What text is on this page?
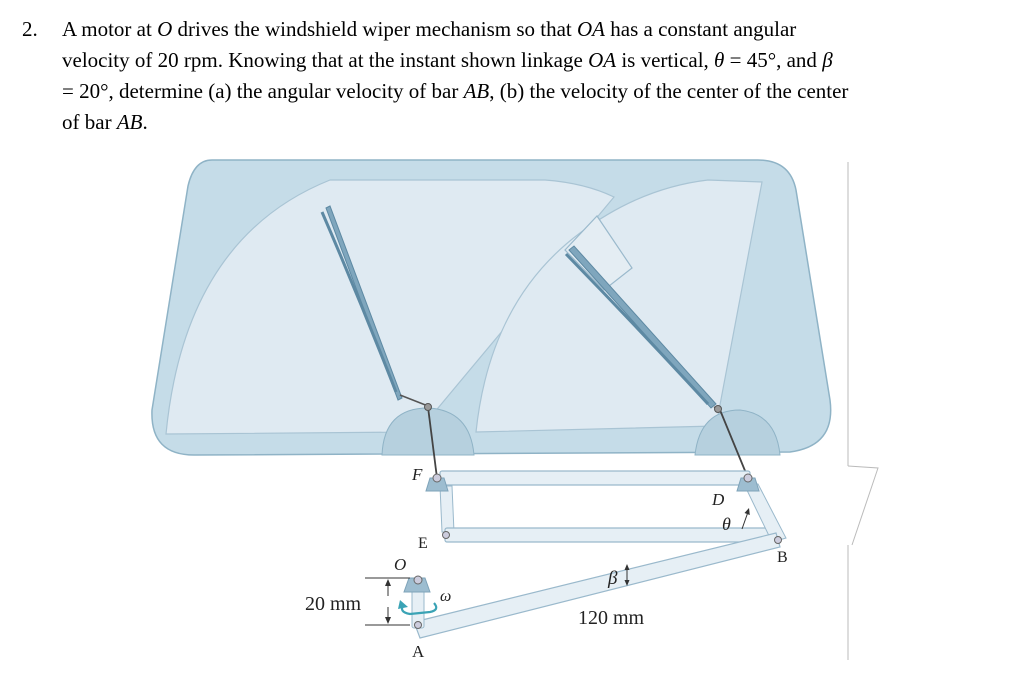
2. A motor at O drives the windshield wiper mechanism so that OA has a constant angular
velocity of 20 rpm. Knowing that at the instant shown linkage OA is vertical, θ = 45°, and β
= 20°, determine (a) the angular velocity of bar AB, (b) the velocity of the center of the center
of bar AB.
F
D
E
O
A
B
θ
β
ω
20 mm
120 mm
